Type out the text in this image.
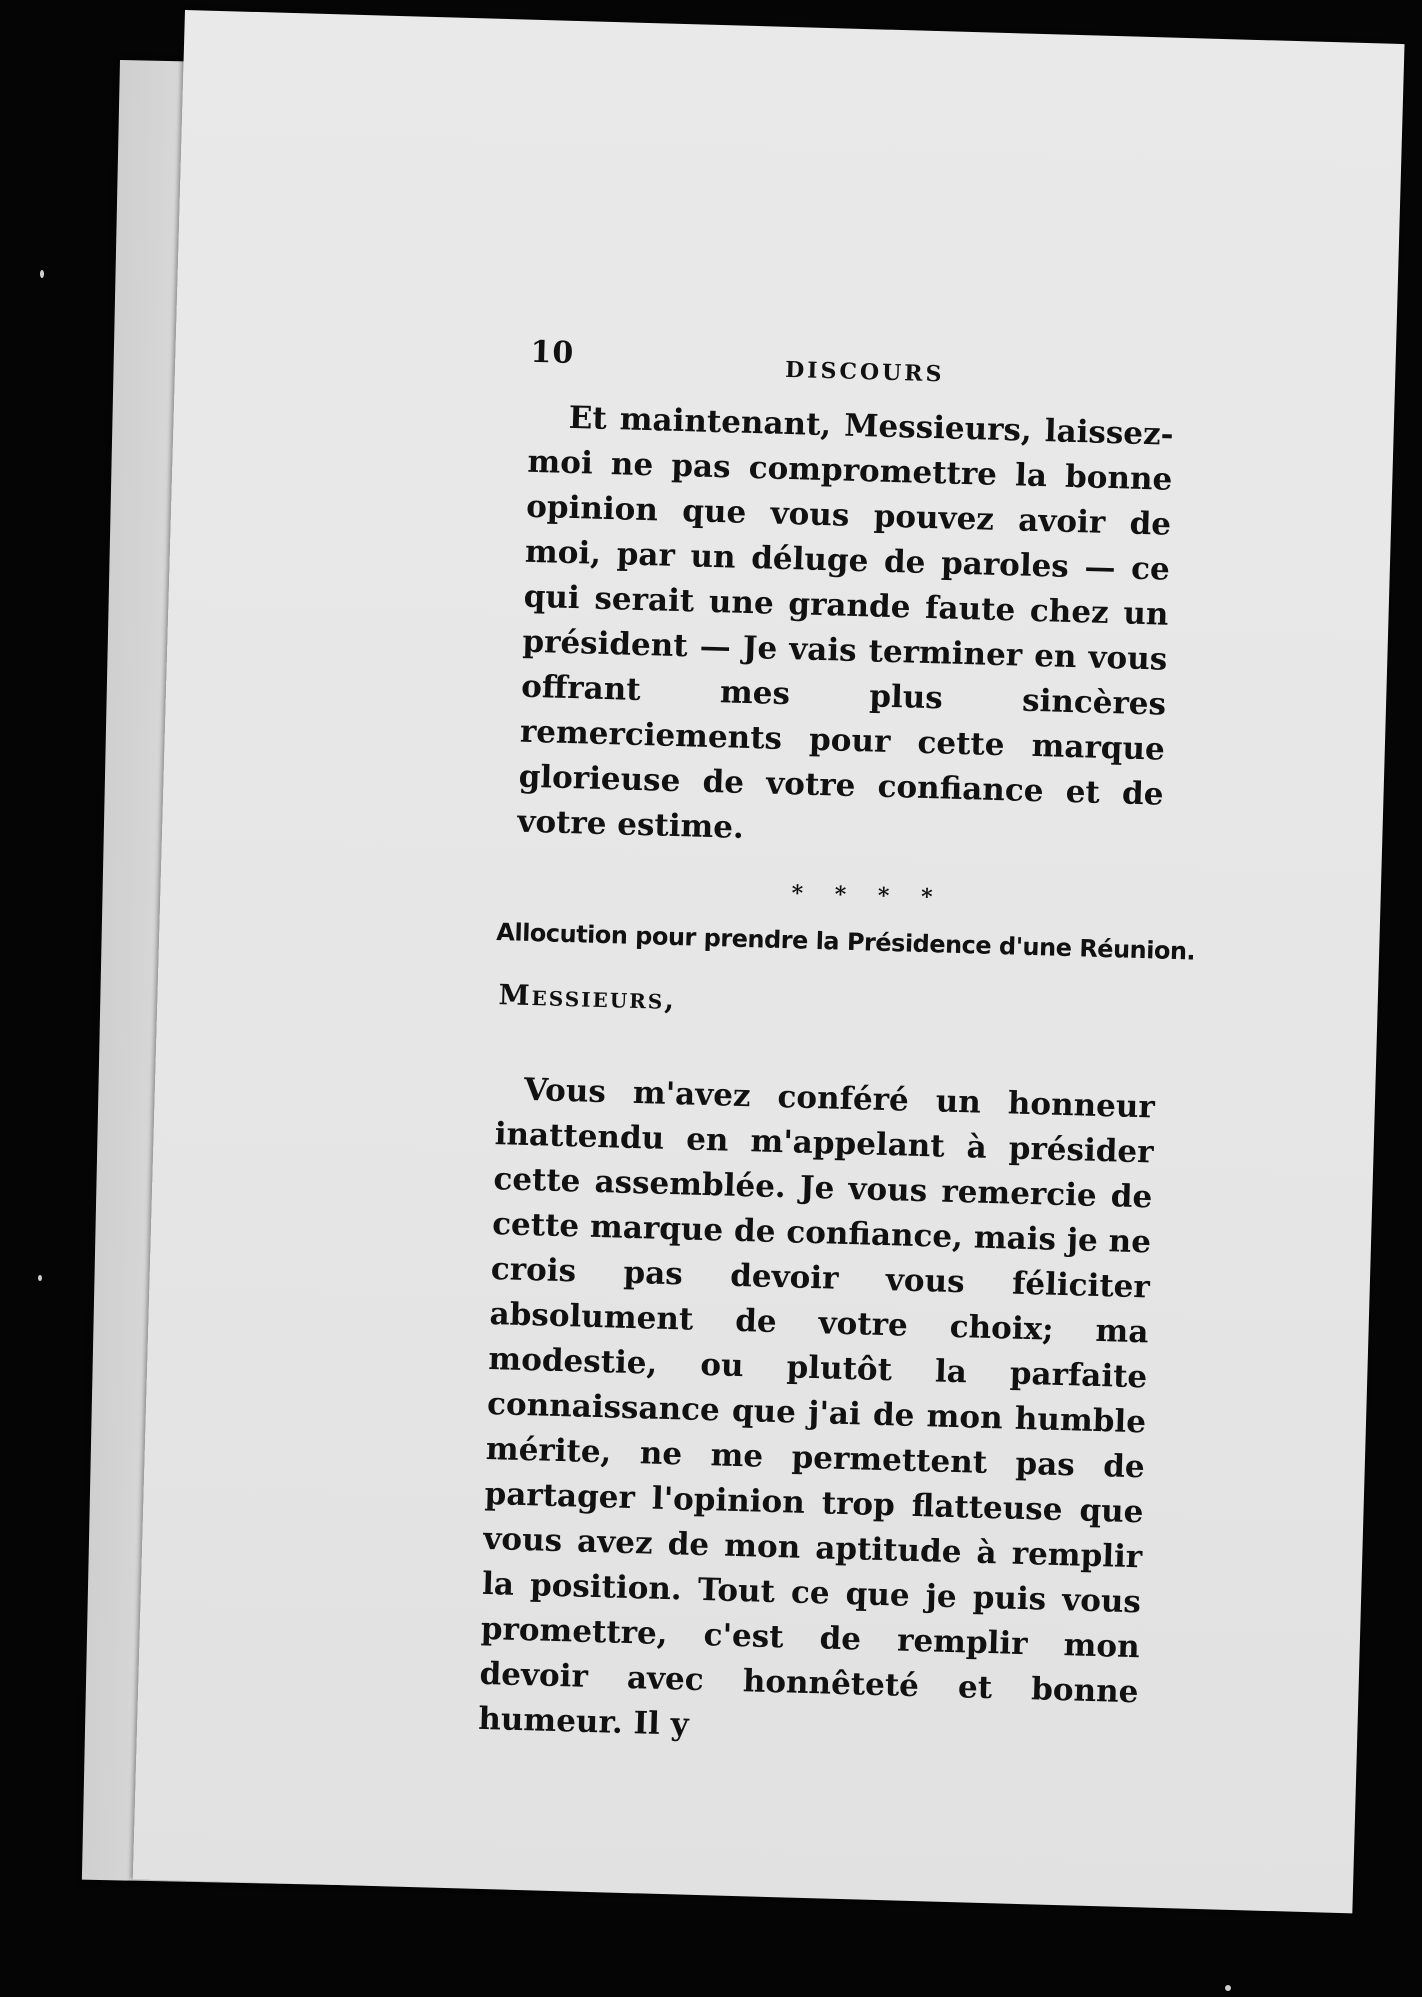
10
DISCOURS

Et maintenant, Messieurs, laissez-moi ne pas compromettre la bonne opinion que vous pouvez avoir de moi, par un déluge de paroles — ce qui serait une grande faute chez un président — Je vais terminer en vous offrant mes plus sincères remerciements pour cette marque glorieuse de votre confiance et de votre estime.

* * * *
Allocution pour prendre la Présidence d'une Réunion.
Messieurs,

Vous m'avez conféré un honneur inattendu en m'appelant à présider cette assemblée. Je vous remercie de cette marque de confiance, mais je ne crois pas devoir vous féliciter absolument de votre choix; ma modestie, ou plutôt la parfaite connaissance que j'ai de mon humble mérite, ne me permettent pas de partager l'opinion trop flatteuse que vous avez de mon aptitude à remplir la position. Tout ce que je puis vous promettre, c'est de remplir mon devoir avec honnêteté et bonne humeur. Il y
